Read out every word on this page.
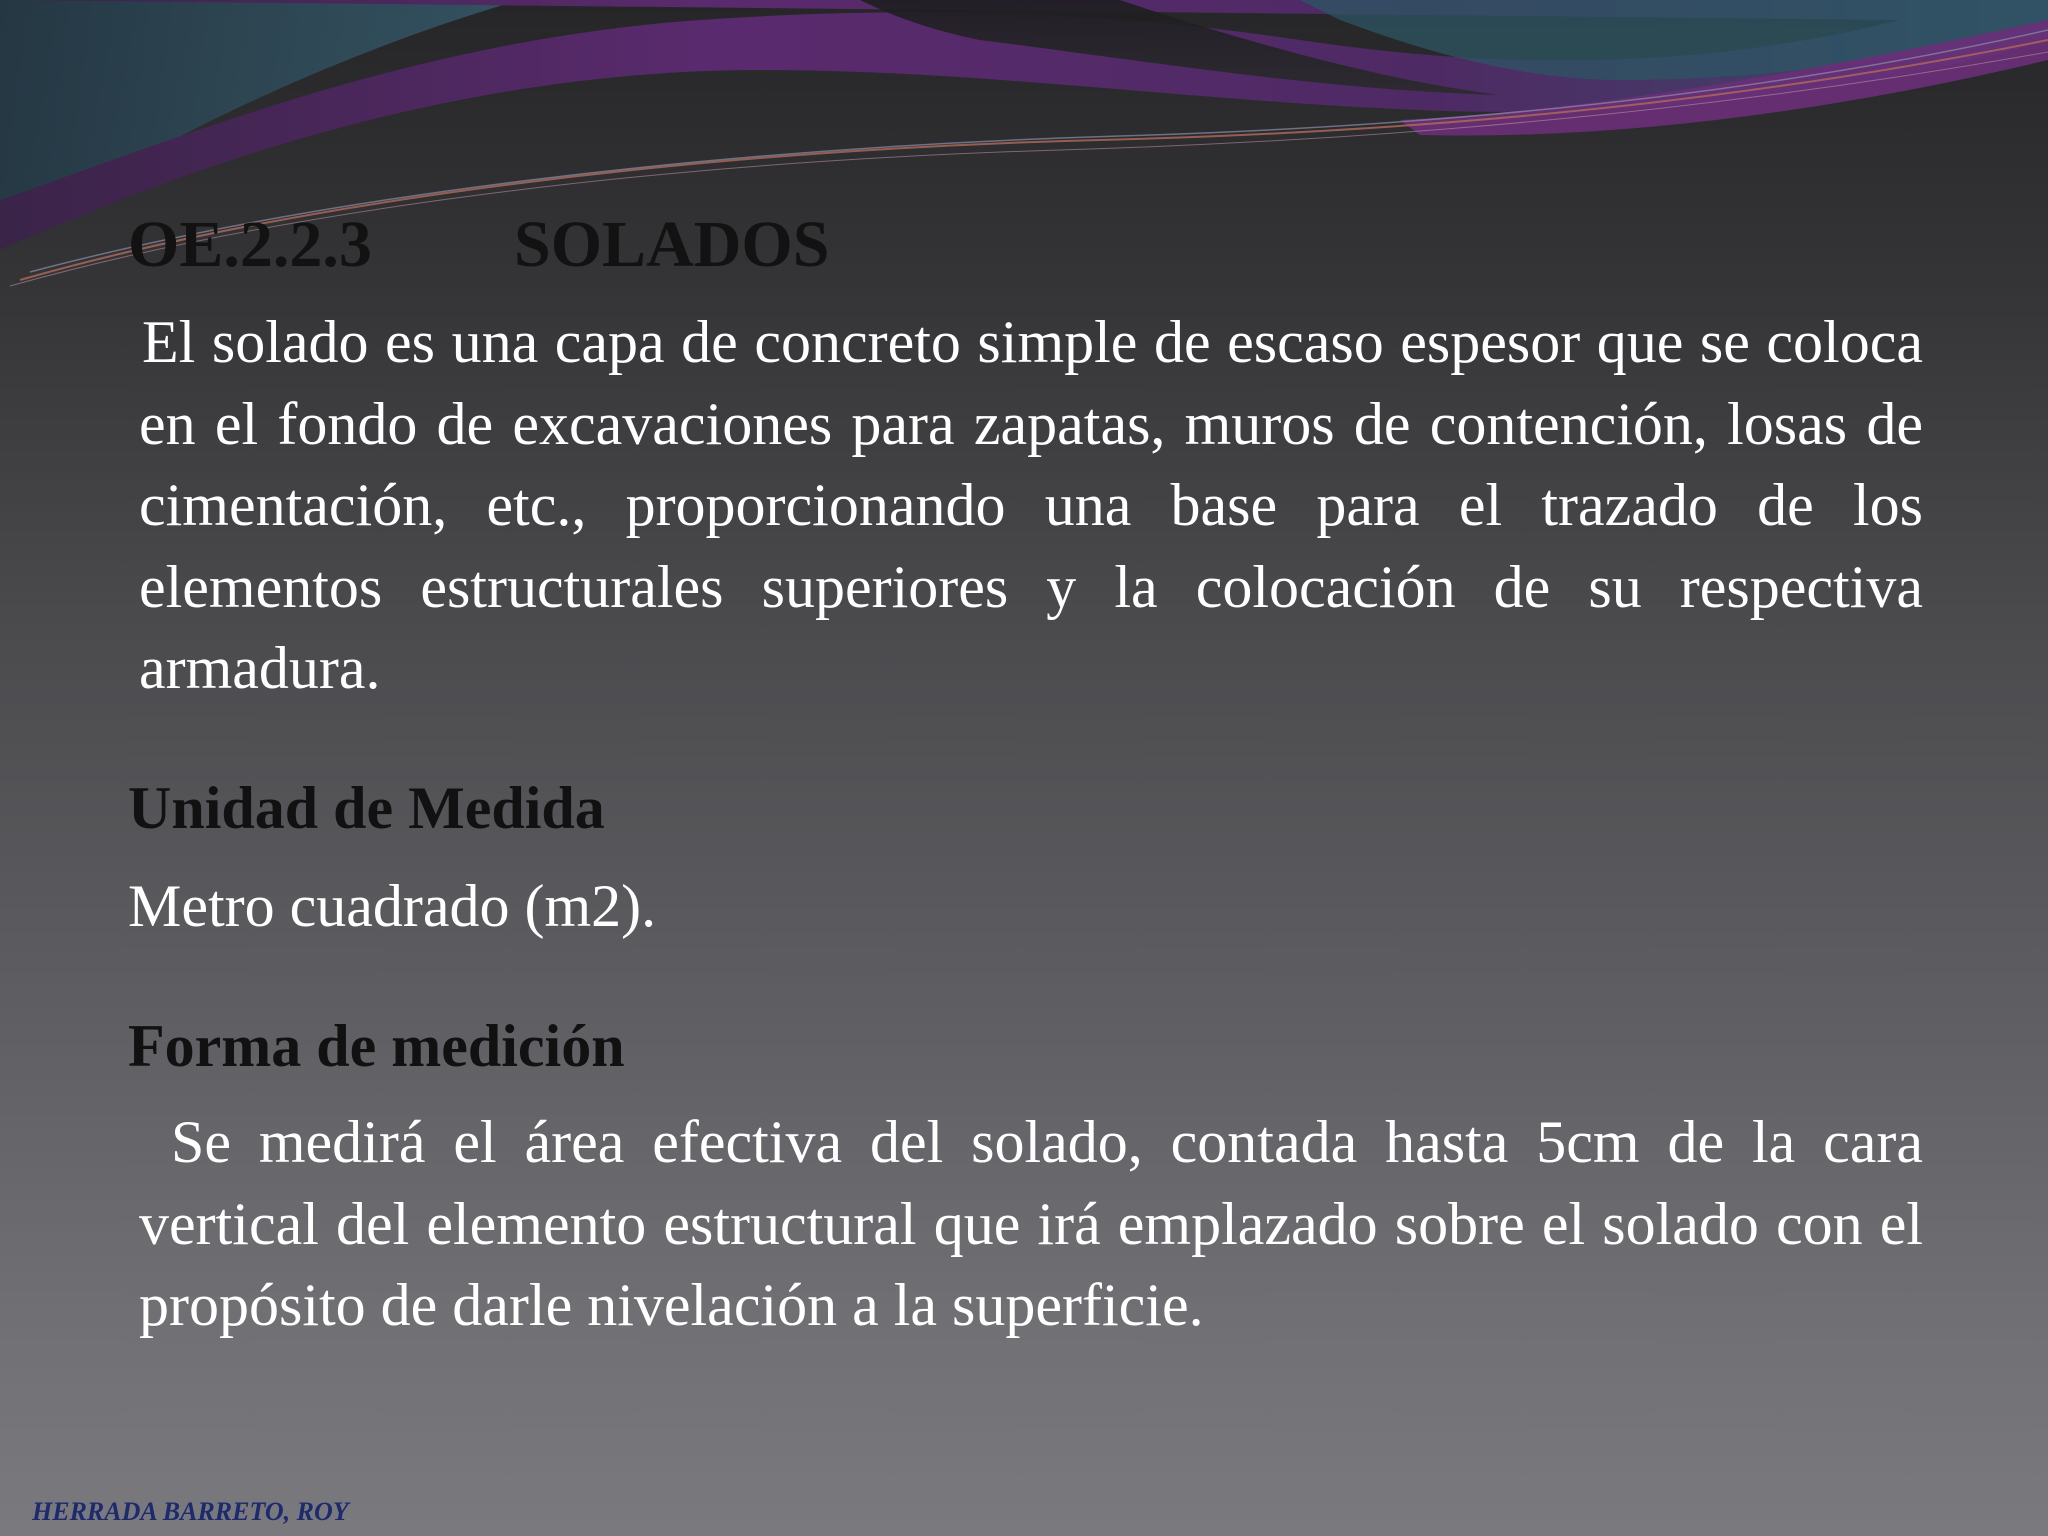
OE.2.2.3 SOLADOS

El solado es una capa de concreto simple de escaso espesor que se coloca en el fondo de excavaciones para zapatas, muros de contención, losas de cimentación, etc., proporcionando una base para el trazado de los elementos estructurales superiores y la colocación de su respectiva armadura.

Unidad de Medida

Metro cuadrado (m2).

Forma de medición

Se medirá el área efectiva del solado, contada hasta 5cm de la cara vertical del elemento estructural que irá emplazado sobre el solado con el propósito de darle nivelación a la superficie.

HERRADA BARRETO, ROY
